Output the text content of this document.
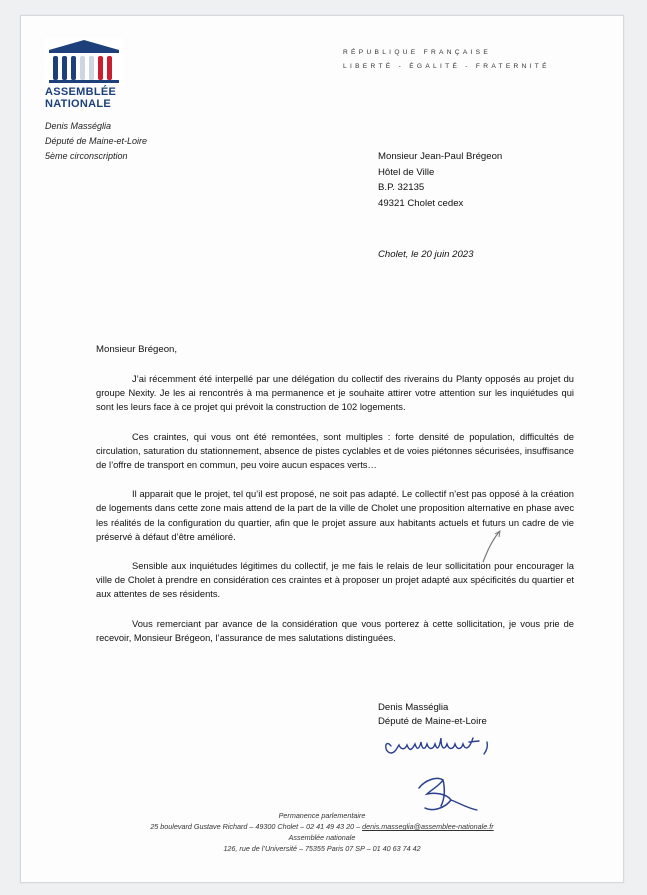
ASSEMBLÉE
NATIONALE
RÉPUBLIQUE FRANÇAISE
LIBERTÉ - ÉGALITÉ - FRATERNITÉ
Denis Masséglia
Député de Maine-et-Loire
5ème circonscription	Monsieur Jean-Paul Brégeon
Hôtel de Ville
B.P. 32135
49321 Cholet cedex
Cholet, le 20 juin 2023
Monsieur Brégeon,

J’ai récemment été interpellé par une délégation du collectif des riverains du Planty opposés au projet du groupe Nexity. Je les ai rencontrés à ma permanence et je souhaite attirer votre attention sur les inquiétudes qui sont les leurs face à ce projet qui prévoit la construction de 102 logements.

Ces craintes, qui vous ont été remontées, sont multiples : forte densité de population, difficultés de circulation, saturation du stationnement, absence de pistes cyclables et de voies piétonnes sécurisées, insuffisance de l’offre de transport en commun, peu voire aucun espaces verts…

Il apparait que le projet, tel qu’il est proposé, ne soit pas adapté. Le collectif n’est pas opposé à la création de logements dans cette zone mais attend de la part de la ville de Cholet une proposition alternative en phase avec les réalités de la configuration du quartier, afin que le projet assure aux habitants actuels et futurs un cadre de vie préservé à défaut d’être amélioré.

Sensible aux inquiétudes légitimes du collectif, je me fais le relais de leur sollicitation pour encourager la ville de Cholet à prendre en considération ces craintes et à proposer un projet adapté aux spécificités du quartier et aux attentes de ses résidents.

Vous remerciant par avance de la considération que vous porterez à cette sollicitation, je vous prie de recevoir, Monsieur Brégeon, l’assurance de mes salutations distinguées.

Denis Masséglia
Député de Maine-et-Loire
Permanence parlementaire
25 boulevard Gustave Richard – 49300 Cholet – 02 41 49 43 20 – denis.masseglia@assemblee-nationale.fr
Assemblée nationale
126, rue de l’Université – 75355 Paris 07 SP – 01 40 63 74 42
